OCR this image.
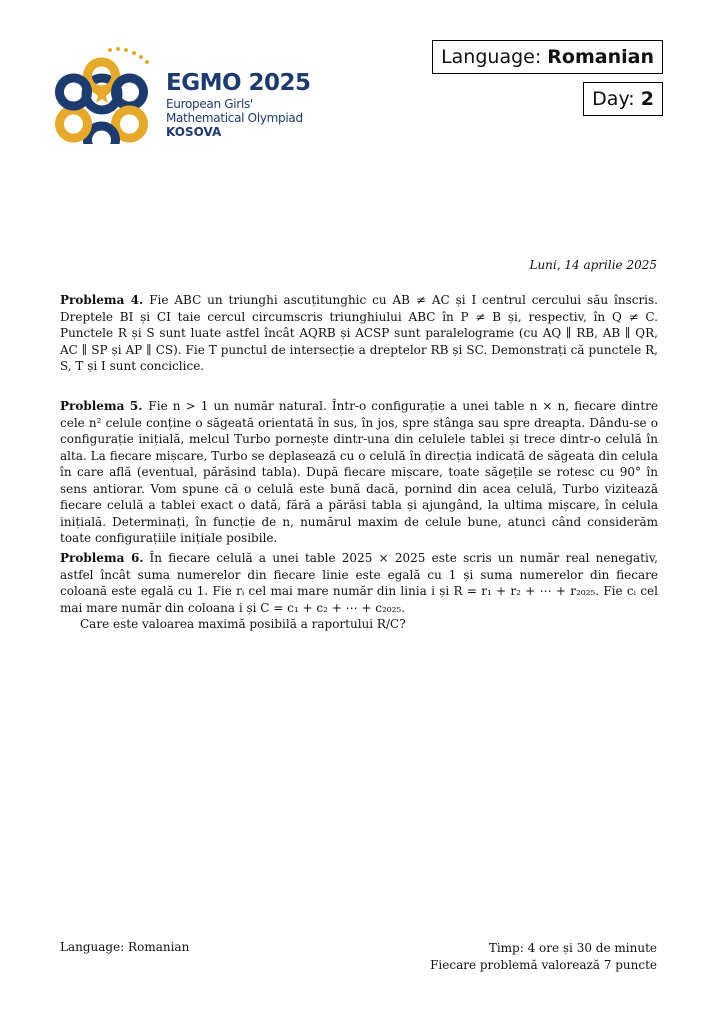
EGMO 2025
European Girls'
Mathematical Olympiad
KOSOVA
Language: Romanian
Day: 2
Luni, 14 aprilie 2025
Problema 4. Fie ABC un triunghi ascuțitunghic cu AB ≠ AC și I centrul cercului său înscris. Dreptele BI și CI taie cercul circumscris triunghiului ABC în P ≠ B și, respectiv, în Q ≠ C. Punctele R și S sunt luate astfel încât AQRB și ACSP sunt paralelograme (cu AQ ∥ RB, AB ∥ QR, AC ∥ SP și AP ∥ CS). Fie T punctul de intersecție a dreptelor RB și SC. Demonstrați că punctele R, S, T și I sunt conciclice.
Problema 5. Fie n > 1 un număr natural. Într-o configurație a unei table n × n, fiecare dintre cele n² celule conține o săgeată orientată în sus, în jos, spre stânga sau spre dreapta. Dându-se o configurație inițială, melcul Turbo pornește dintr-una din celulele tablei și trece dintr-o celulă în alta. La fiecare mișcare, Turbo se deplasează cu o celulă în direcția indicată de săgeata din celula în care află (eventual, părăsind tabla). După fiecare mișcare, toate săgețile se rotesc cu 90° în sens antiorar. Vom spune că o celulă este bună dacă, pornind din acea celulă, Turbo vizitează fiecare celulă a tablei exact o dată, fără a părăsi tabla și ajungând, la ultima mișcare, în celula inițială. Determinați, în funcție de n, numărul maxim de celule bune, atunci când considerăm toate configurațiile inițiale posibile.
Problema 6. În fiecare celulă a unei table 2025 × 2025 este scris un număr real nenegativ, astfel încât suma numerelor din fiecare linie este egală cu 1 și suma numerelor din fiecare coloană este egală cu 1. Fie rᵢ cel mai mare număr din linia i și R = r₁ + r₂ + ⋯ + r₂₀₂₅. Fie cᵢ cel mai mare număr din coloana i și C = c₁ + c₂ + ⋯ + c₂₀₂₅.
Care este valoarea maximă posibilă a raportului R/C?
Language: Romanian	Timp: 4 ore și 30 de minute
Fiecare problemă valorează 7 puncte
